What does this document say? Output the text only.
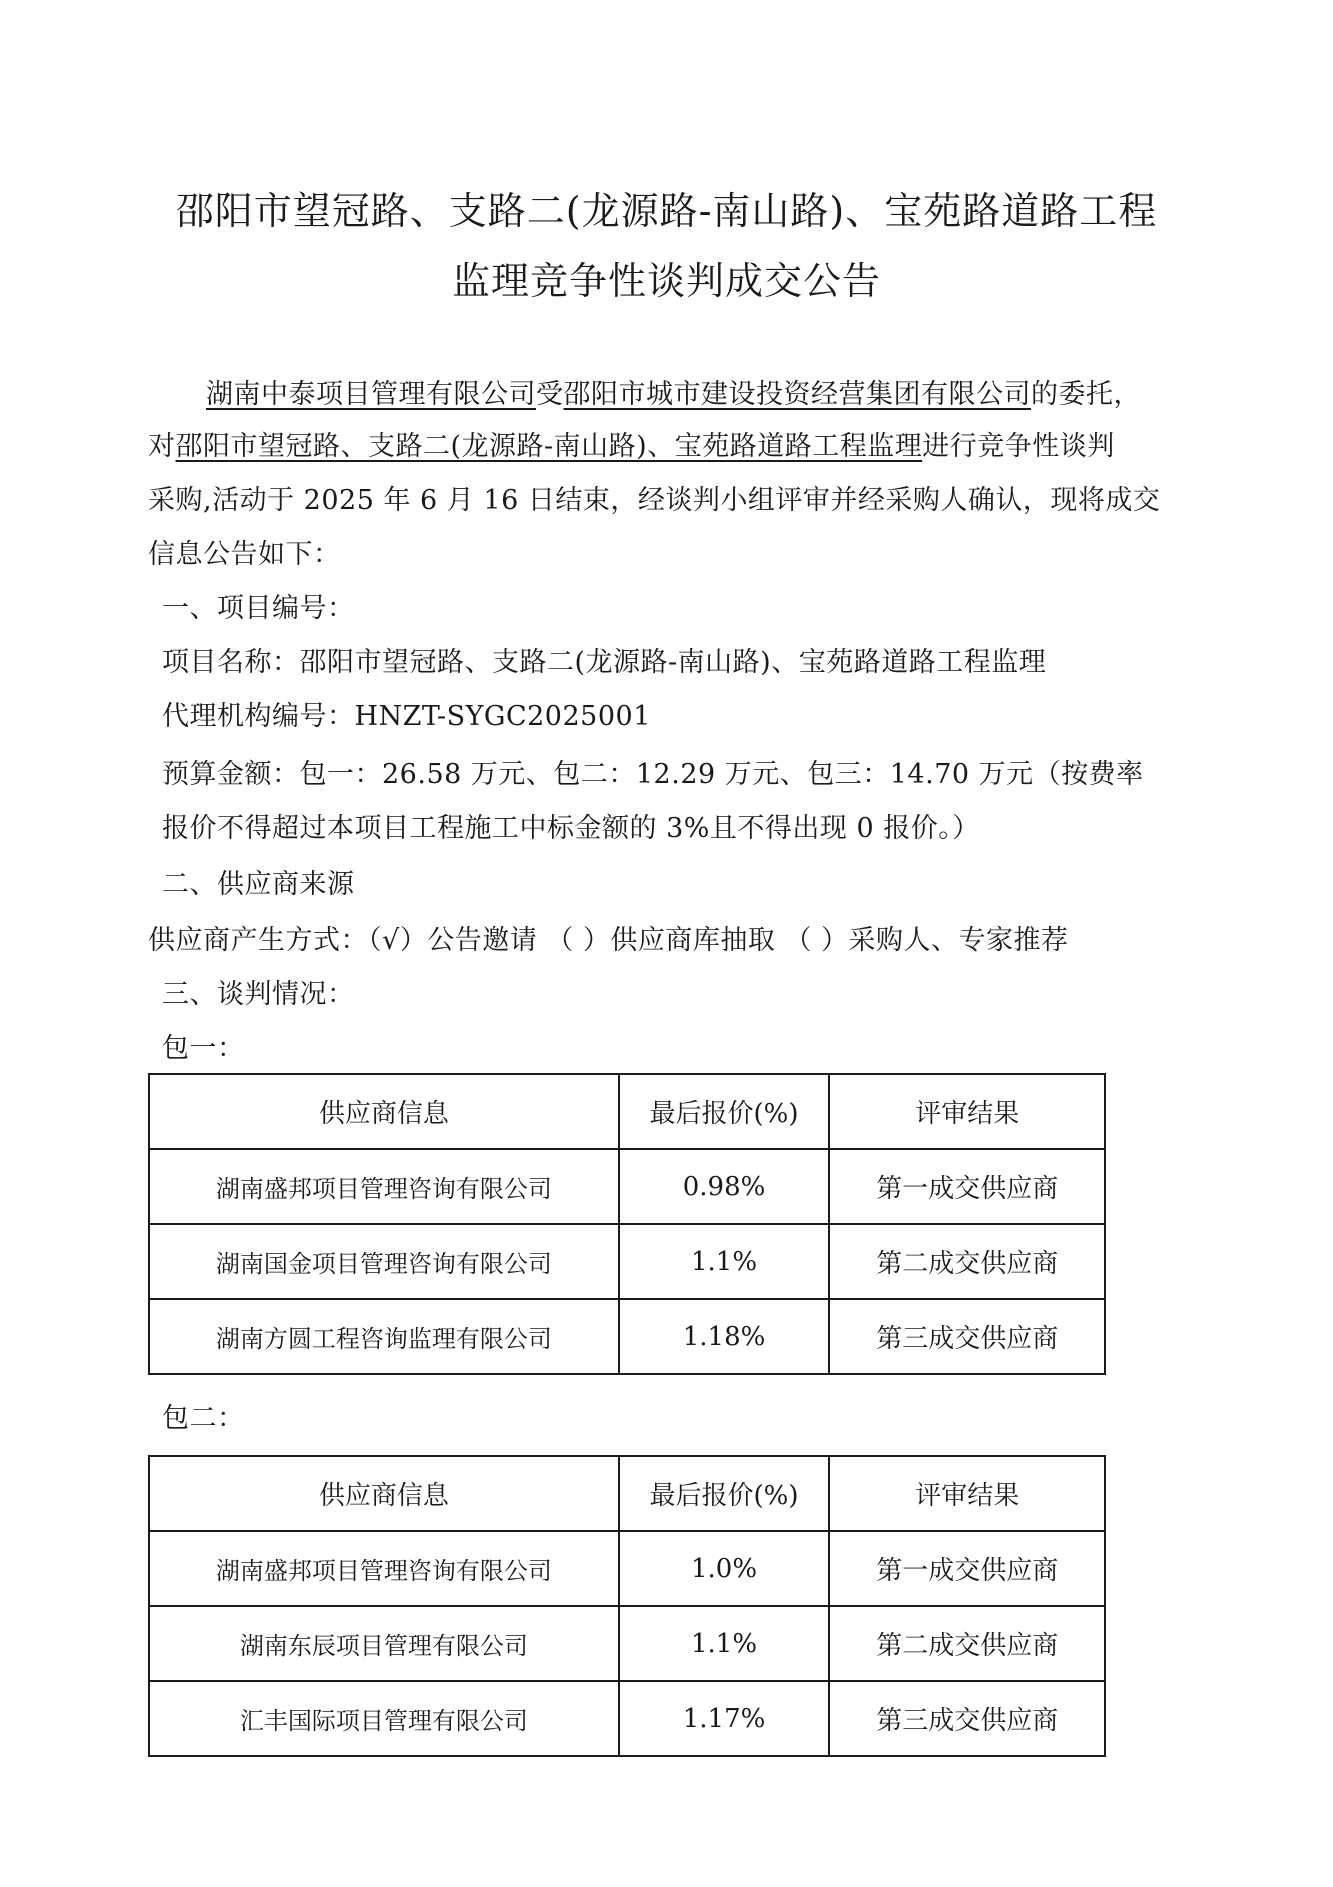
邵阳市望冠路、支路二(龙源路-南山路)、宝苑路道路工程
监理竞争性谈判成交公告
湖南中泰项目管理有限公司受邵阳市城市建设投资经营集团有限公司的委托，
对邵阳市望冠路、支路二(龙源路-南山路)、宝苑路道路工程监理进行竞争性谈判
采购,活动于 2025 年 6 月 16 日结束，经谈判小组评审并经采购人确认，现将成交
信息公告如下：
一、项目编号：
项目名称：邵阳市望冠路、支路二(龙源路-南山路)、宝苑路道路工程监理
代理机构编号：HNZT-SYGC2025001
预算金额：包一：26.58 万元、包二：12.29 万元、包三：14.70 万元（按费率
报价不得超过本项目工程施工中标金额的 3%且不得出现 0 报价。）
二、供应商来源
供应商产生方式：（√）公告邀请 （ ）供应商库抽取 （ ）采购人、专家推荐
三、谈判情况：
包一：
供应商信息	最后报价(%)	评审结果
湖南盛邦项目管理咨询有限公司	0.98%	第一成交供应商
湖南国金项目管理咨询有限公司	1.1%	第二成交供应商
湖南方圆工程咨询监理有限公司	1.18%	第三成交供应商
包二：
供应商信息	最后报价(%)	评审结果
湖南盛邦项目管理咨询有限公司	1.0%	第一成交供应商
湖南东辰项目管理有限公司	1.1%	第二成交供应商
汇丰国际项目管理有限公司	1.17%	第三成交供应商
